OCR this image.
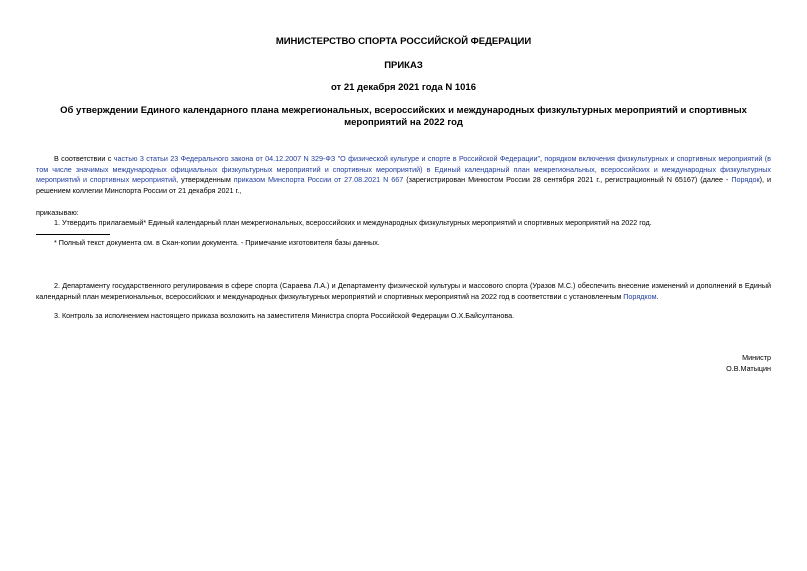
МИНИСТЕРСТВО СПОРТА РОССИЙСКОЙ ФЕДЕРАЦИИ
ПРИКАЗ
от 21 декабря 2021 года N 1016
Об утверждении Единого календарного плана межрегиональных, всероссийских и международных физкультурных мероприятий и спортивных мероприятий на 2022 год
В соответствии с частью 3 статьи 23 Федерального закона от 04.12.2007 N 329-ФЗ "О физической культуре и спорте в Российской Федерации", порядком включения физкультурных и спортивных мероприятий (в том числе значимых международных официальных физкультурных мероприятий и спортивных мероприятий) в Единый календарный план межрегиональных, всероссийских и международных физкультурных мероприятий и спортивных мероприятий, утвержденным приказом Минспорта России от 27.08.2021 N 667 (зарегистрирован Минюстом России 28 сентября 2021 г., регистрационный N 65167) (далее - Порядок), и решением коллегии Минспорта России от 21 декабря 2021 г.,
приказываю:
1. Утвердить прилагаемый* Единый календарный план межрегиональных, всероссийских и международных физкультурных мероприятий и спортивных мероприятий на 2022 год.
* Полный текст документа см. в Скан-копии документа. - Примечание изготовителя базы данных.
2. Департаменту государственного регулирования в сфере спорта (Сараева Л.А.) и Департаменту физической культуры и массового спорта (Уразов М.С.) обеспечить внесение изменений и дополнений в Единый календарный план межрегиональных, всероссийских и международных физкультурных мероприятий и спортивных мероприятий на 2022 год в соответствии с установленным Порядком.
3. Контроль за исполнением настоящего приказа возложить на заместителя Министра спорта Российской Федерации О.Х.Байсултанова.
Министр
О.В.Матыцин
